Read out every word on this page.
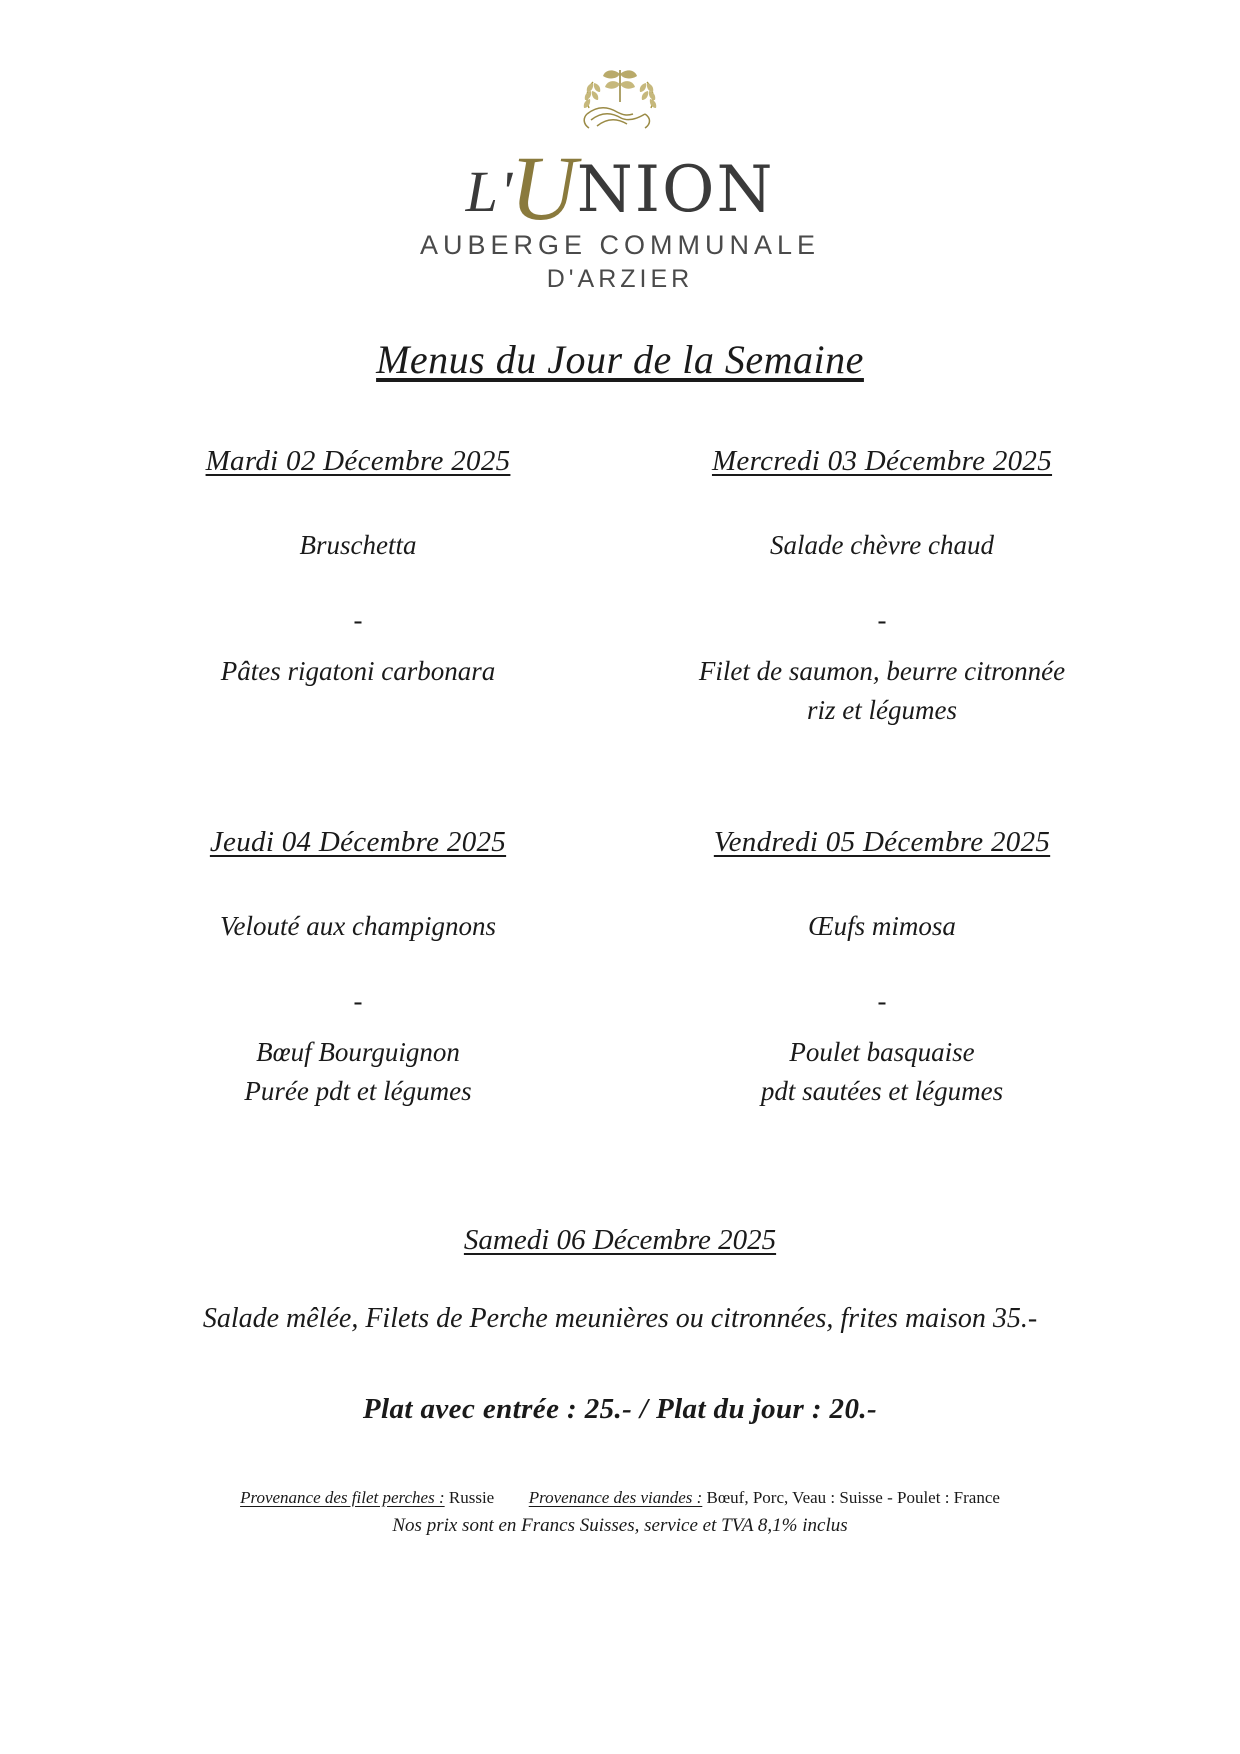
L'UNION
AUBERGE COMMUNALE
D'ARZIER
Menus du Jour de la Semaine
Mardi 02 Décembre 2025
Bruschetta
-
Pâtes rigatoni carbonara
Mercredi 03 Décembre 2025
Salade chèvre chaud
-
Filet de saumon, beurre citronnée
riz et légumes
Jeudi 04 Décembre 2025
Velouté aux champignons
-
Bœuf Bourguignon
Purée pdt et légumes
Vendredi 05 Décembre 2025
Œufs mimosa
-
Poulet basquaise
pdt sautées et légumes
Samedi 06 Décembre 2025
Salade mêlée, Filets de Perche meunières ou citronnées, frites maison 35.-
Plat avec entrée : 25.- / Plat du jour : 20.-
Provenance des filet perches : Russie Provenance des viandes : Bœuf, Porc, Veau : Suisse - Poulet : France
Nos prix sont en Francs Suisses, service et TVA 8,1% inclus
